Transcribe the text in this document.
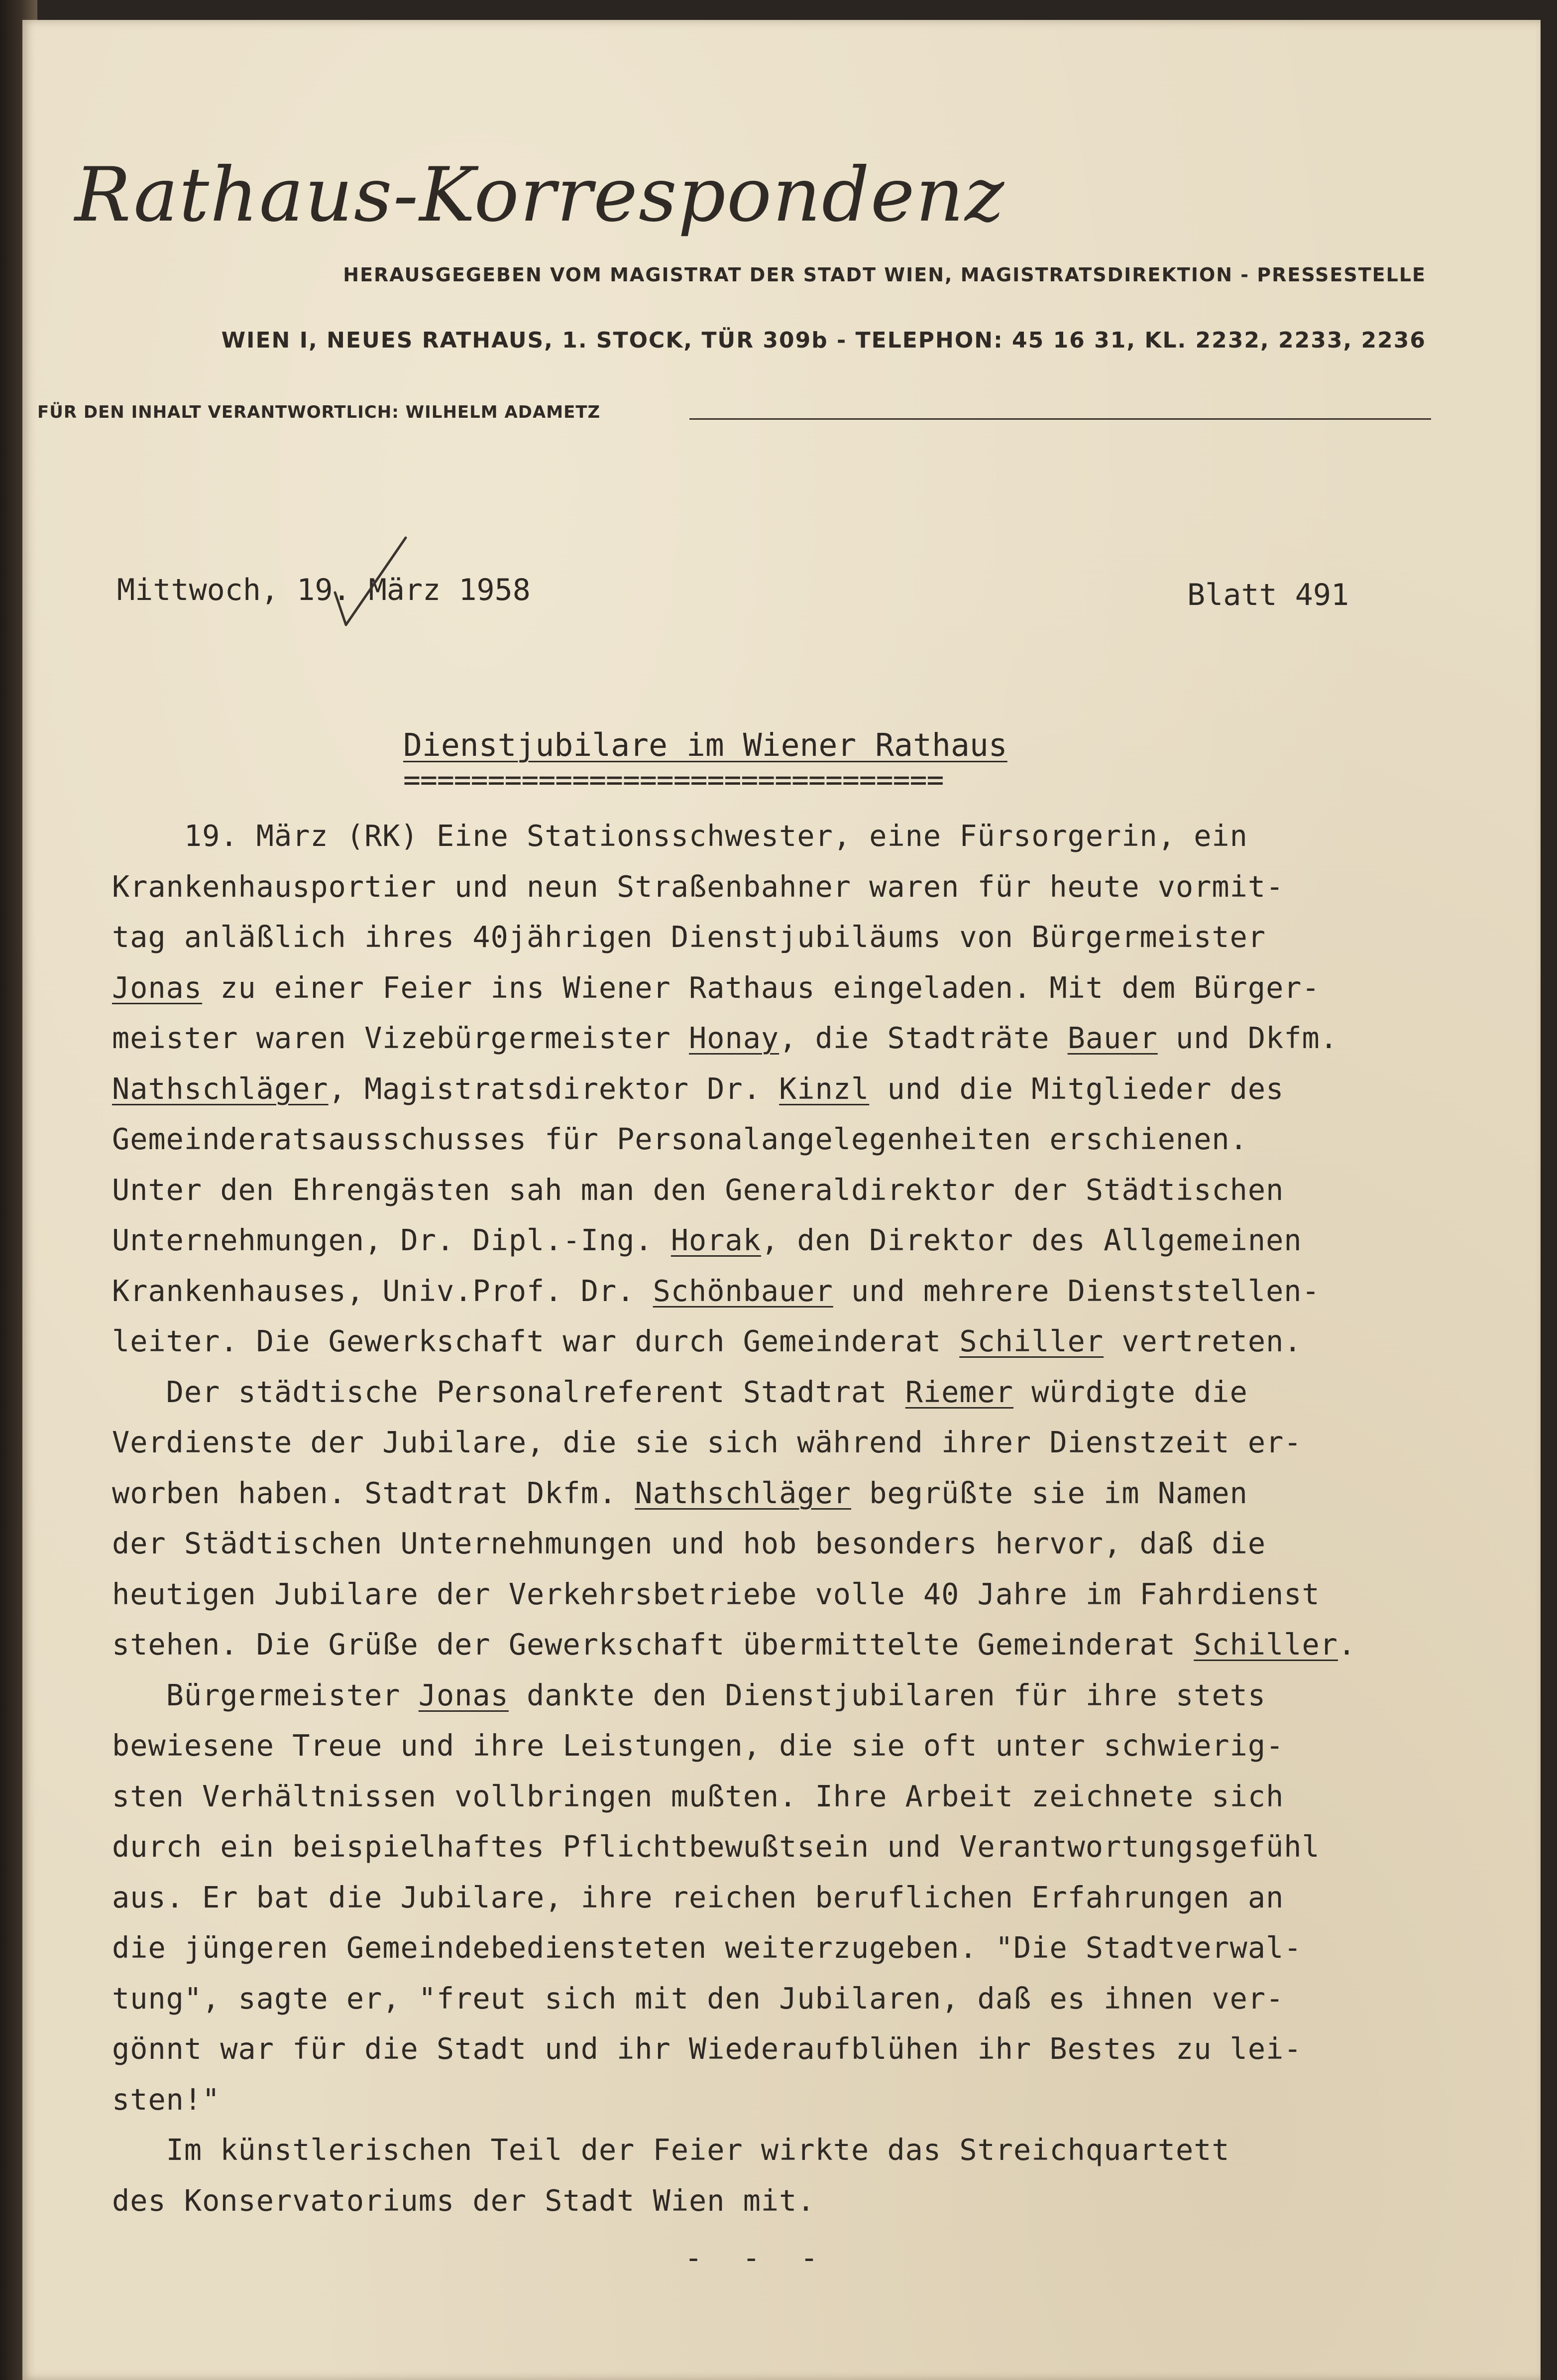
Rathaus-Korrespondenz
HERAUSGEGEBEN VOM MAGISTRAT DER STADT WIEN, MAGISTRATSDIREKTION - PRESSESTELLE
WIEN I, NEUES RATHAUS, 1. STOCK, TÜR 309b - TELEPHON: 45 16 31, KL. 2232, 2233, 2236
FÜR DEN INHALT VERANTWORTLICH: WILHELM ADAMETZ
Mittwoch, 19. März 1958	Blatt 491
Dienstjubilare im Wiener Rathaus
================================
19. März (RK) Eine Stationsschwester, eine Fürsorgerin, ein
Krankenhausportier und neun Straßenbahner waren für heute vormit-
tag anläßlich ihres 40jährigen Dienstjubiläums von Bürgermeister
Jonas zu einer Feier ins Wiener Rathaus eingeladen. Mit dem Bürger-
meister waren Vizebürgermeister Honay, die Stadträte Bauer und Dkfm.
Nathschläger, Magistratsdirektor Dr. Kinzl und die Mitglieder des
Gemeinderatsausschusses für Personalangelegenheiten erschienen.
Unter den Ehrengästen sah man den Generaldirektor der Städtischen
Unternehmungen, Dr. Dipl.-Ing. Horak, den Direktor des Allgemeinen
Krankenhauses, Univ.Prof. Dr. Schönbauer und mehrere Dienststellen-
leiter. Die Gewerkschaft war durch Gemeinderat Schiller vertreten.
Der städtische Personalreferent Stadtrat Riemer würdigte die
Verdienste der Jubilare, die sie sich während ihrer Dienstzeit er-
worben haben. Stadtrat Dkfm. Nathschläger begrüßte sie im Namen
der Städtischen Unternehmungen und hob besonders hervor, daß die
heutigen Jubilare der Verkehrsbetriebe volle 40 Jahre im Fahrdienst
stehen. Die Grüße der Gewerkschaft übermittelte Gemeinderat Schiller.
Bürgermeister Jonas dankte den Dienstjubilaren für ihre stets
bewiesene Treue und ihre Leistungen, die sie oft unter schwierig-
sten Verhältnissen vollbringen mußten. Ihre Arbeit zeichnete sich
durch ein beispielhaftes Pflichtbewußtsein und Verantwortungsgefühl
aus. Er bat die Jubilare, ihre reichen beruflichen Erfahrungen an
die jüngeren Gemeindebediensteten weiterzugeben. "Die Stadtverwal-
tung", sagte er, "freut sich mit den Jubilaren, daß es ihnen ver-
gönnt war für die Stadt und ihr Wiederaufblühen ihr Bestes zu lei-
sten!"
Im künstlerischen Teil der Feier wirkte das Streichquartett
des Konservatoriums der Stadt Wien mit.
- - -
